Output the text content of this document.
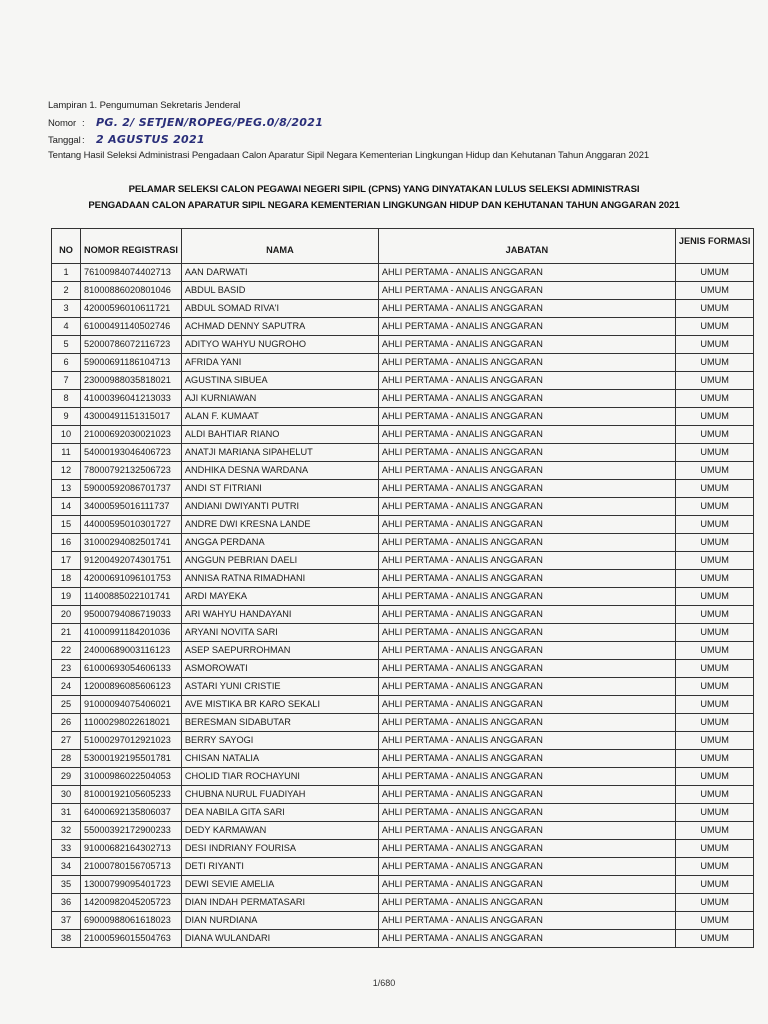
Lampiran 1. Pengumuman Sekretaris Jenderal
Nomor : PG. 2/ SETJEN/ROPEG/PEG.0/8/2021
Tanggal: 2 AGUSTUS 2021
Tentang Hasil Seleksi Administrasi Pengadaan Calon Aparatur Sipil Negara Kementerian Lingkungan Hidup dan Kehutanan Tahun Anggaran 2021
PELAMAR SELEKSI CALON PEGAWAI NEGERI SIPIL (CPNS) YANG DINYATAKAN LULUS SELEKSI ADMINISTRASI
PENGADAAN CALON APARATUR SIPIL NEGARA KEMENTERIAN LINGKUNGAN HIDUP DAN KEHUTANAN TAHUN ANGGARAN 2021
NO	NOMOR REGISTRASI	NAMA	JABATAN	JENIS FORMASI
1	76100984074402713	AAN DARWATI	AHLI PERTAMA - ANALIS ANGGARAN	UMUM
2	81000886020801046	ABDUL BASID	AHLI PERTAMA - ANALIS ANGGARAN	UMUM
3	42000596010611721	ABDUL SOMAD RIVA'I	AHLI PERTAMA - ANALIS ANGGARAN	UMUM
4	61000491140502746	ACHMAD DENNY SAPUTRA	AHLI PERTAMA - ANALIS ANGGARAN	UMUM
5	52000786072116723	ADITYO WAHYU NUGROHO	AHLI PERTAMA - ANALIS ANGGARAN	UMUM
6	59000691186104713	AFRIDA YANI	AHLI PERTAMA - ANALIS ANGGARAN	UMUM
7	23000988035818021	AGUSTINA SIBUEA	AHLI PERTAMA - ANALIS ANGGARAN	UMUM
8	41000396041213033	AJI KURNIAWAN	AHLI PERTAMA - ANALIS ANGGARAN	UMUM
9	43000491151315017	ALAN F. KUMAAT	AHLI PERTAMA - ANALIS ANGGARAN	UMUM
10	21000692030021023	ALDI BAHTIAR RIANO	AHLI PERTAMA - ANALIS ANGGARAN	UMUM
11	54000193046406723	ANATJI MARIANA SIPAHELUT	AHLI PERTAMA - ANALIS ANGGARAN	UMUM
12	78000792132506723	ANDHIKA DESNA WARDANA	AHLI PERTAMA - ANALIS ANGGARAN	UMUM
13	59000592086701737	ANDI ST FITRIANI	AHLI PERTAMA - ANALIS ANGGARAN	UMUM
14	34000595016111737	ANDIANI DWIYANTI PUTRI	AHLI PERTAMA - ANALIS ANGGARAN	UMUM
15	44000595010301727	ANDRE DWI KRESNA LANDE	AHLI PERTAMA - ANALIS ANGGARAN	UMUM
16	31000294082501741	ANGGA PERDANA	AHLI PERTAMA - ANALIS ANGGARAN	UMUM
17	91200492074301751	ANGGUN PEBRIAN DAELI	AHLI PERTAMA - ANALIS ANGGARAN	UMUM
18	42000691096101753	ANNISA RATNA RIMADHANI	AHLI PERTAMA - ANALIS ANGGARAN	UMUM
19	11400885022101741	ARDI MAYEKA	AHLI PERTAMA - ANALIS ANGGARAN	UMUM
20	95000794086719033	ARI WAHYU HANDAYANI	AHLI PERTAMA - ANALIS ANGGARAN	UMUM
21	41000991184201036	ARYANI NOVITA SARI	AHLI PERTAMA - ANALIS ANGGARAN	UMUM
22	24000689003116123	ASEP SAEPURROHMAN	AHLI PERTAMA - ANALIS ANGGARAN	UMUM
23	61000693054606133	ASMOROWATI	AHLI PERTAMA - ANALIS ANGGARAN	UMUM
24	12000896085606123	ASTARI YUNI CRISTIE	AHLI PERTAMA - ANALIS ANGGARAN	UMUM
25	91000094075406021	AVE MISTIKA BR KARO SEKALI	AHLI PERTAMA - ANALIS ANGGARAN	UMUM
26	11000298022618021	BERESMAN SIDABUTAR	AHLI PERTAMA - ANALIS ANGGARAN	UMUM
27	51000297012921023	BERRY SAYOGI	AHLI PERTAMA - ANALIS ANGGARAN	UMUM
28	53000192195501781	CHISAN NATALIA	AHLI PERTAMA - ANALIS ANGGARAN	UMUM
29	31000986022504053	CHOLID TIAR ROCHAYUNI	AHLI PERTAMA - ANALIS ANGGARAN	UMUM
30	81000192105605233	CHUBNA NURUL FUADIYAH	AHLI PERTAMA - ANALIS ANGGARAN	UMUM
31	64000692135806037	DEA NABILA GITA SARI	AHLI PERTAMA - ANALIS ANGGARAN	UMUM
32	55000392172900233	DEDY KARMAWAN	AHLI PERTAMA - ANALIS ANGGARAN	UMUM
33	91000682164302713	DESI INDRIANY FOURISA	AHLI PERTAMA - ANALIS ANGGARAN	UMUM
34	21000780156705713	DETI RIYANTI	AHLI PERTAMA - ANALIS ANGGARAN	UMUM
35	13000799095401723	DEWI SEVIE AMELIA	AHLI PERTAMA - ANALIS ANGGARAN	UMUM
36	14200982045205723	DIAN INDAH PERMATASARI	AHLI PERTAMA - ANALIS ANGGARAN	UMUM
37	69000988061618023	DIAN NURDIANA	AHLI PERTAMA - ANALIS ANGGARAN	UMUM
38	21000596015504763	DIANA WULANDARI	AHLI PERTAMA - ANALIS ANGGARAN	UMUM
1/680
